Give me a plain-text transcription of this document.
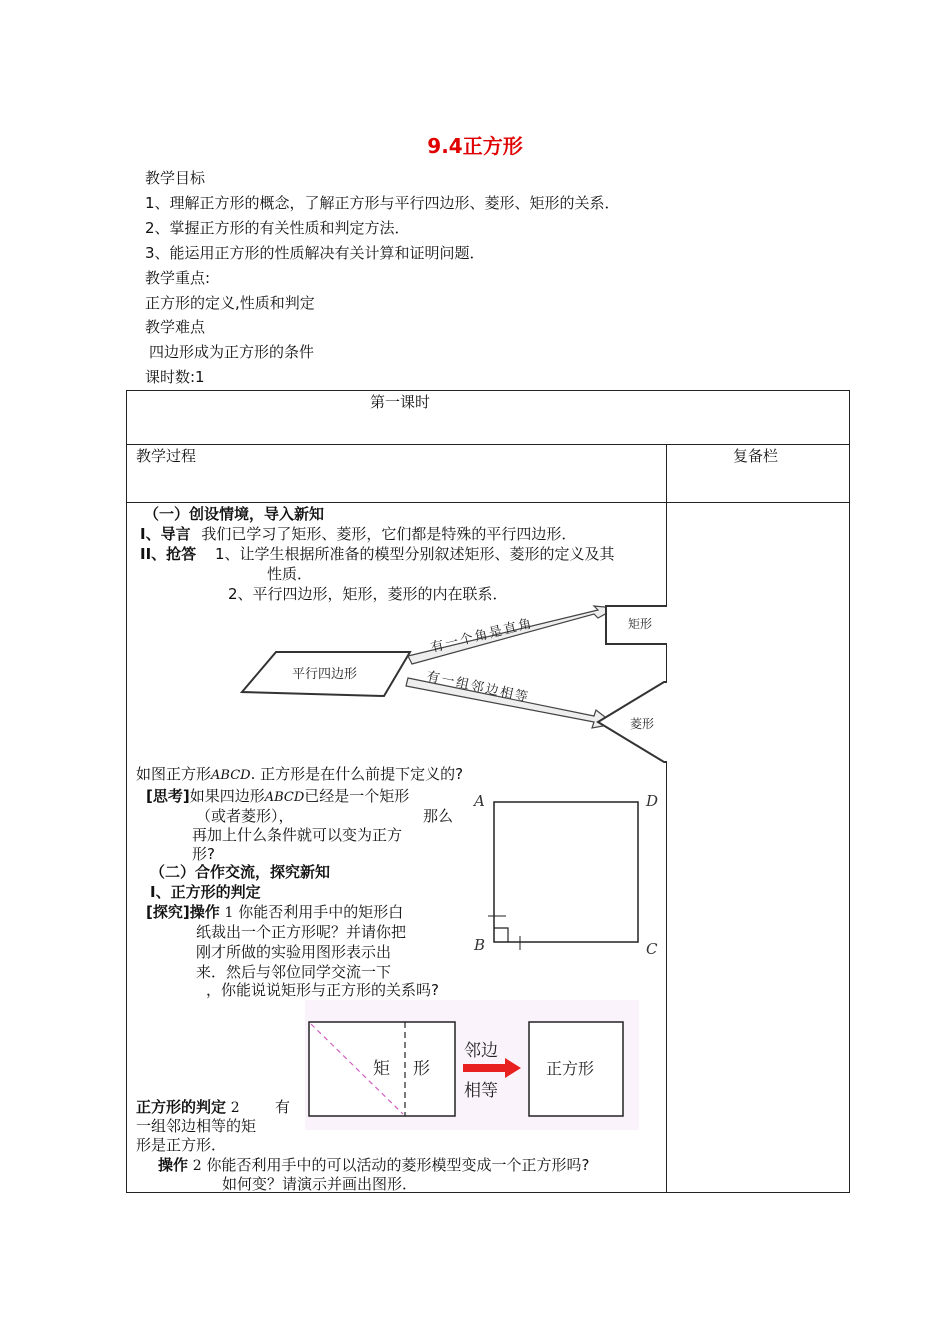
9.4正方形
教学目标
1、理解正方形的概念，了解正方形与平行四边形、菱形、矩形的关系．
2、掌握正方形的有关性质和判定方法．
3、能运用正方形的性质解决有关计算和证明问题．
教学重点:
正方形的定义,性质和判定
教学难点
四边形成为正方形的条件
课时数:1
第一课时
教学过程	复备栏
（一）创设情境，导入新知
I、导言 我们已学习了矩形、菱形，它们都是特殊的平行四边形．
II、抢答 1、让学生根据所准备的模型分别叙述矩形、菱形的定义及其
性质．
2、平行四边形，矩形，菱形的内在联系．
平行四边形
矩形
菱形
有一个角是直角
有一组邻边相等
如图正方形ABCD. 正方形是在什么前提下定义的?
[思考]如果四边形ABCD已经是一个矩形
（或者菱形），	那么
再加上什么条件就可以变为正方
形?
A	D
B	C
（二）合作交流，探究新知
I、正方形的判定
[探究]操作 1 你能否利用手中的矩形白
纸裁出一个正方形呢？并请你把
刚才所做的实验用图形表示出
来．然后与邻位同学交流一下
，你能说说矩形与正方形的关系吗?
矩 形
邻边
相等
正方形
正方形的判定 2 有
一组邻边相等的矩
形是正方形．
操作 2 你能否利用手中的可以活动的菱形模型变成一个正方形吗?
如何变？请演示并画出图形．
